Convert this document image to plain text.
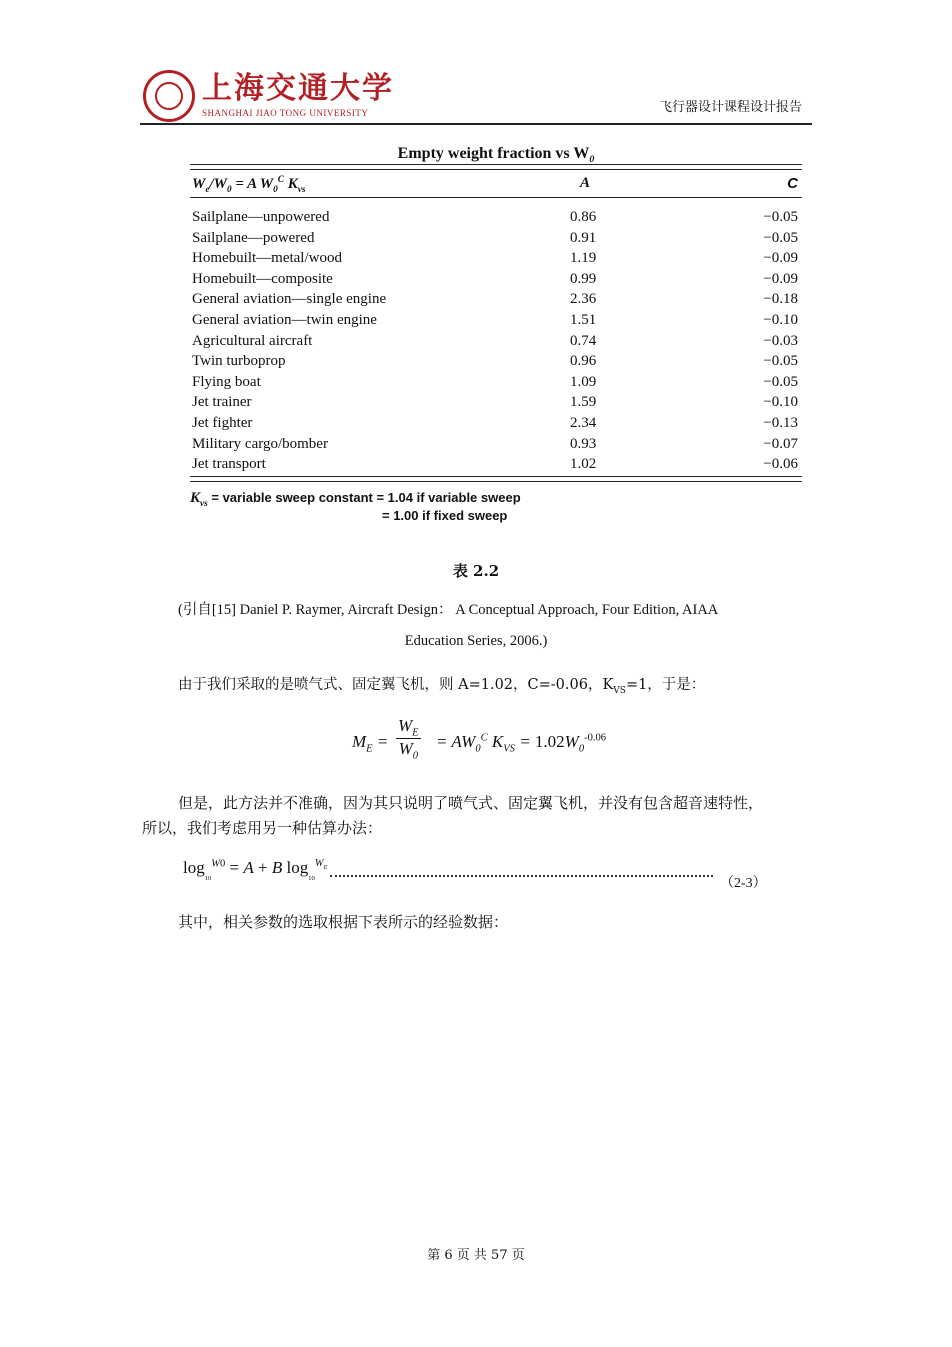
上海交通大学
SHANGHAI JIAO TONG UNIVERSITY	飞行器设计课程设计报告
Empty weight fraction vs $W_0$
$W_e/W_0 = A$ $W_0^C$ $K_{vs}$	A	C
Sailplane—unpowered	0.86	−0.05
Sailplane—powered	0.91	−0.05
Homebuilt—metal/wood	1.19	−0.09
Homebuilt—composite	0.99	−0.09
General aviation—single engine	2.36	−0.18
General aviation—twin engine	1.51	−0.10
Agricultural aircraft	0.74	−0.03
Twin turboprop	0.96	−0.05
Flying boat	1.09	−0.05
Jet trainer	1.59	−0.10
Jet fighter	2.34	−0.13
Military cargo/bomber	0.93	−0.07
Jet transport	1.02	−0.06
$K_{vs}$ = variable sweep constant = 1.04 if variable sweep
= 1.00 if fixed sweep
表 2.2
(引自[15] Daniel P. Raymer, Aircraft Design： A Conceptual Approach, Four Edition, AIAA
Education Series, 2006.)
由于我们采取的是喷气式、固定翼飞机，则 A=1.02，C=-0.06，$K_{VS}=1$，于是：
$M_E = \frac{W_E}{W_0} = AW_0^C$ $K_{VS} = 1.02W_0^{-0.06}$
但是，此方法并不准确，因为其只说明了喷气式、固定翼飞机，并没有包含超音速特性，
所以，我们考虑用另一种估算办法：
$\log_{_{10}}^{W0} = A + B$ $\log_{_{10}}^{W_E}$
（2-3）
其中，相关参数的选取根据下表所示的经验数据：
第 6 页 共 57 页
